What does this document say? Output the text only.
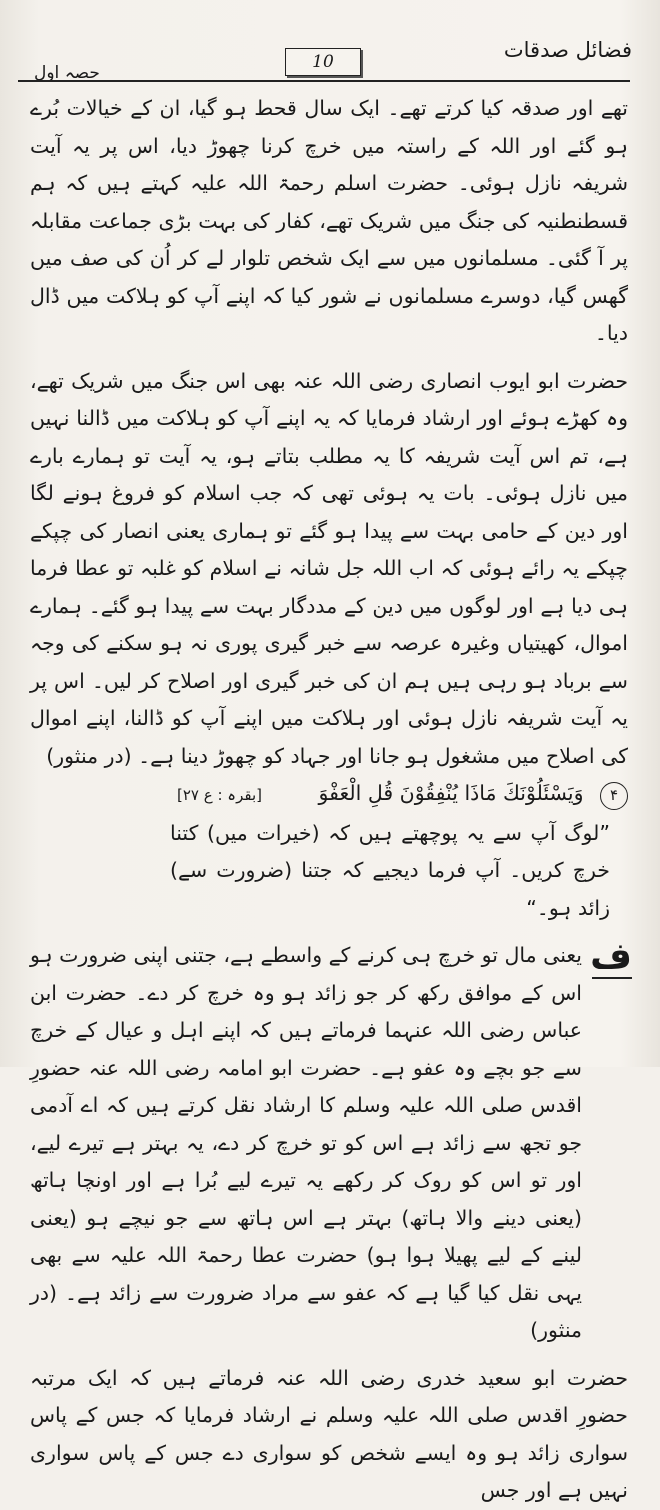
فضائل صدقات
10
حصہ اول

تھے اور صدقہ کیا کرتے تھے۔ ایک سال قحط ہو گیا، ان کے خیالات بُرے ہو گئے اور اللہ کے راستہ میں خرچ کرنا چھوڑ دیا، اس پر یہ آیت شریفہ نازل ہوئی۔ حضرت اسلم رحمۃ اللہ علیہ کہتے ہیں کہ ہم قسطنطنیہ کی جنگ میں شریک تھے، کفار کی بہت بڑی جماعت مقابلہ پر آ گئی۔ مسلمانوں میں سے ایک شخص تلوار لے کر اُن کی صف میں گھس گیا، دوسرے مسلمانوں نے شور کیا کہ اپنے آپ کو ہلاکت میں ڈال دیا۔

حضرت ابو ایوب انصاری رضی اللہ عنہ بھی اس جنگ میں شریک تھے، وہ کھڑے ہوئے اور ارشاد فرمایا کہ یہ اپنے آپ کو ہلاکت میں ڈالنا نہیں ہے، تم اس آیت شریفہ کا یہ مطلب بتاتے ہو، یہ آیت تو ہمارے بارے میں نازل ہوئی۔ بات یہ ہوئی تھی کہ جب اسلام کو فروغ ہونے لگا اور دین کے حامی بہت سے پیدا ہو گئے تو ہماری یعنی انصار کی چپکے چپکے یہ رائے ہوئی کہ اب اللہ جل شانہ نے اسلام کو غلبہ تو عطا فرما ہی دیا ہے اور لوگوں میں دین کے مددگار بہت سے پیدا ہو گئے۔ ہمارے اموال، کھیتیاں وغیرہ عرصہ سے خبر گیری پوری نہ ہو سکنے کی وجہ سے برباد ہو رہی ہیں ہم ان کی خبر گیری اور اصلاح کر لیں۔ اس پر یہ آیت شریفہ نازل ہوئی اور ہلاکت میں اپنے آپ کو ڈالنا، اپنے اموال کی اصلاح میں مشغول ہو جانا اور جہاد کو چھوڑ دینا ہے۔ (در منثور)

۴ وَيَسْئَلُوْنَكَ مَاذَا يُنْفِقُوْنَ قُلِ الْعَفْوَ [بقرہ : ع ۲۷]

”لوگ آپ سے یہ پوچھتے ہیں کہ (خیرات میں) کتنا خرچ کریں۔ آپ فرما دیجیے کہ جتنا (ضرورت سے) زائد ہو۔“

ف

یعنی مال تو خرچ ہی کرنے کے واسطے ہے، جتنی اپنی ضرورت ہو اس کے موافق رکھ کر جو زائد ہو وہ خرچ کر دے۔ حضرت ابن عباس رضی اللہ عنہما فرماتے ہیں کہ اپنے اہل و عیال کے خرچ سے جو بچے وہ عفو ہے۔ حضرت ابو امامہ رضی اللہ عنہ حضورِ اقدس صلی اللہ علیہ وسلم کا ارشاد نقل کرتے ہیں کہ اے آدمی جو تجھ سے زائد ہے اس کو تو خرچ کر دے، یہ بہتر ہے تیرے لیے، اور تو اس کو روک کر رکھے یہ تیرے لیے بُرا ہے اور اونچا ہاتھ (یعنی دینے والا ہاتھ) بہتر ہے اس ہاتھ سے جو نیچے ہو (یعنی لینے کے لیے پھیلا ہوا ہو) حضرت عطا رحمۃ اللہ علیہ سے بھی یہی نقل کیا گیا ہے کہ عفو سے مراد ضرورت سے زائد ہے۔ (در منثور)

حضرت ابو سعید خدری رضی اللہ عنہ فرماتے ہیں کہ ایک مرتبہ حضورِ اقدس صلی اللہ علیہ وسلم نے ارشاد فرمایا کہ جس کے پاس سواری زائد ہو وہ ایسے شخص کو سواری دے جس کے پاس سواری نہیں ہے اور جس
